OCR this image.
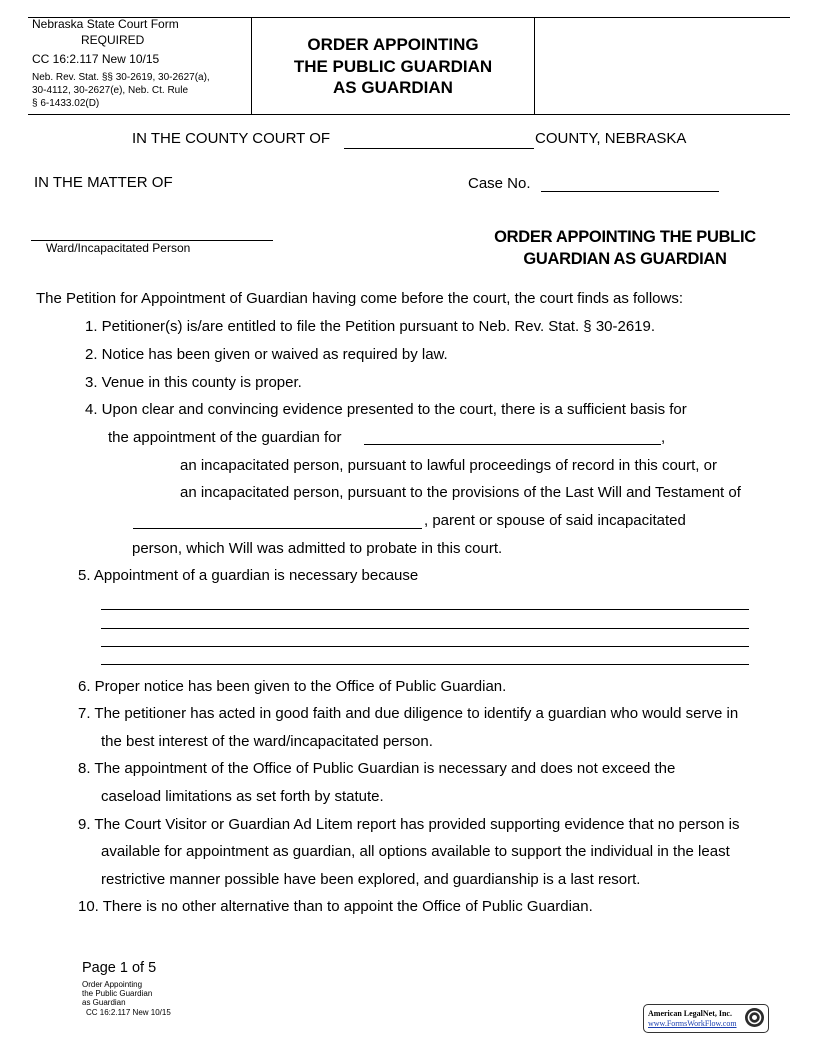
Nebraska State Court Form
REQUIRED
CC 16:2.117 New 10/15
Neb. Rev. Stat. §§ 30-2619, 30-2627(a),
30-4112, 30-2627(e), Neb. Ct. Rule
§ 6-1433.02(D)
ORDER APPOINTING
THE PUBLIC GUARDIAN
AS GUARDIAN
IN THE COUNTY COURT OF	COUNTY, NEBRASKA
IN THE MATTER OF	Case No.
Ward/Incapacitated Person
ORDER APPOINTING THE PUBLIC
GUARDIAN AS GUARDIAN
The Petition for Appointment of Guardian having come before the court, the court finds as follows:
1. Petitioner(s) is/are entitled to file the Petition pursuant to Neb. Rev. Stat. § 30-2619.
2. Notice has been given or waived as required by law.
3. Venue in this county is proper.
4. Upon clear and convincing evidence presented to the court, there is a sufficient basis for
the appointment of the guardian for	,
an incapacitated person, pursuant to lawful proceedings of record in this court, or
an incapacitated person, pursuant to the provisions of the Last Will and Testament of
, parent or spouse of said incapacitated
person, which Will was admitted to probate in this court.
5. Appointment of a guardian is necessary because
6. Proper notice has been given to the Office of Public Guardian.
7. The petitioner has acted in good faith and due diligence to identify a guardian who would serve in
the best interest of the ward/incapacitated person.
8. The appointment of the Office of Public Guardian is necessary and does not exceed the
caseload limitations as set forth by statute.
9. The Court Visitor or Guardian Ad Litem report has provided supporting evidence that no person is
available for appointment as guardian, all options available to support the individual in the least
restrictive manner possible have been explored, and guardianship is a last resort.
10. There is no other alternative than to appoint the Office of Public Guardian.
Page 1 of 5
Order Appointing
the Public Guardian
as Guardian
CC 16:2.117 New 10/15	American LegalNet, Inc.
www.FormsWorkFlow.com
